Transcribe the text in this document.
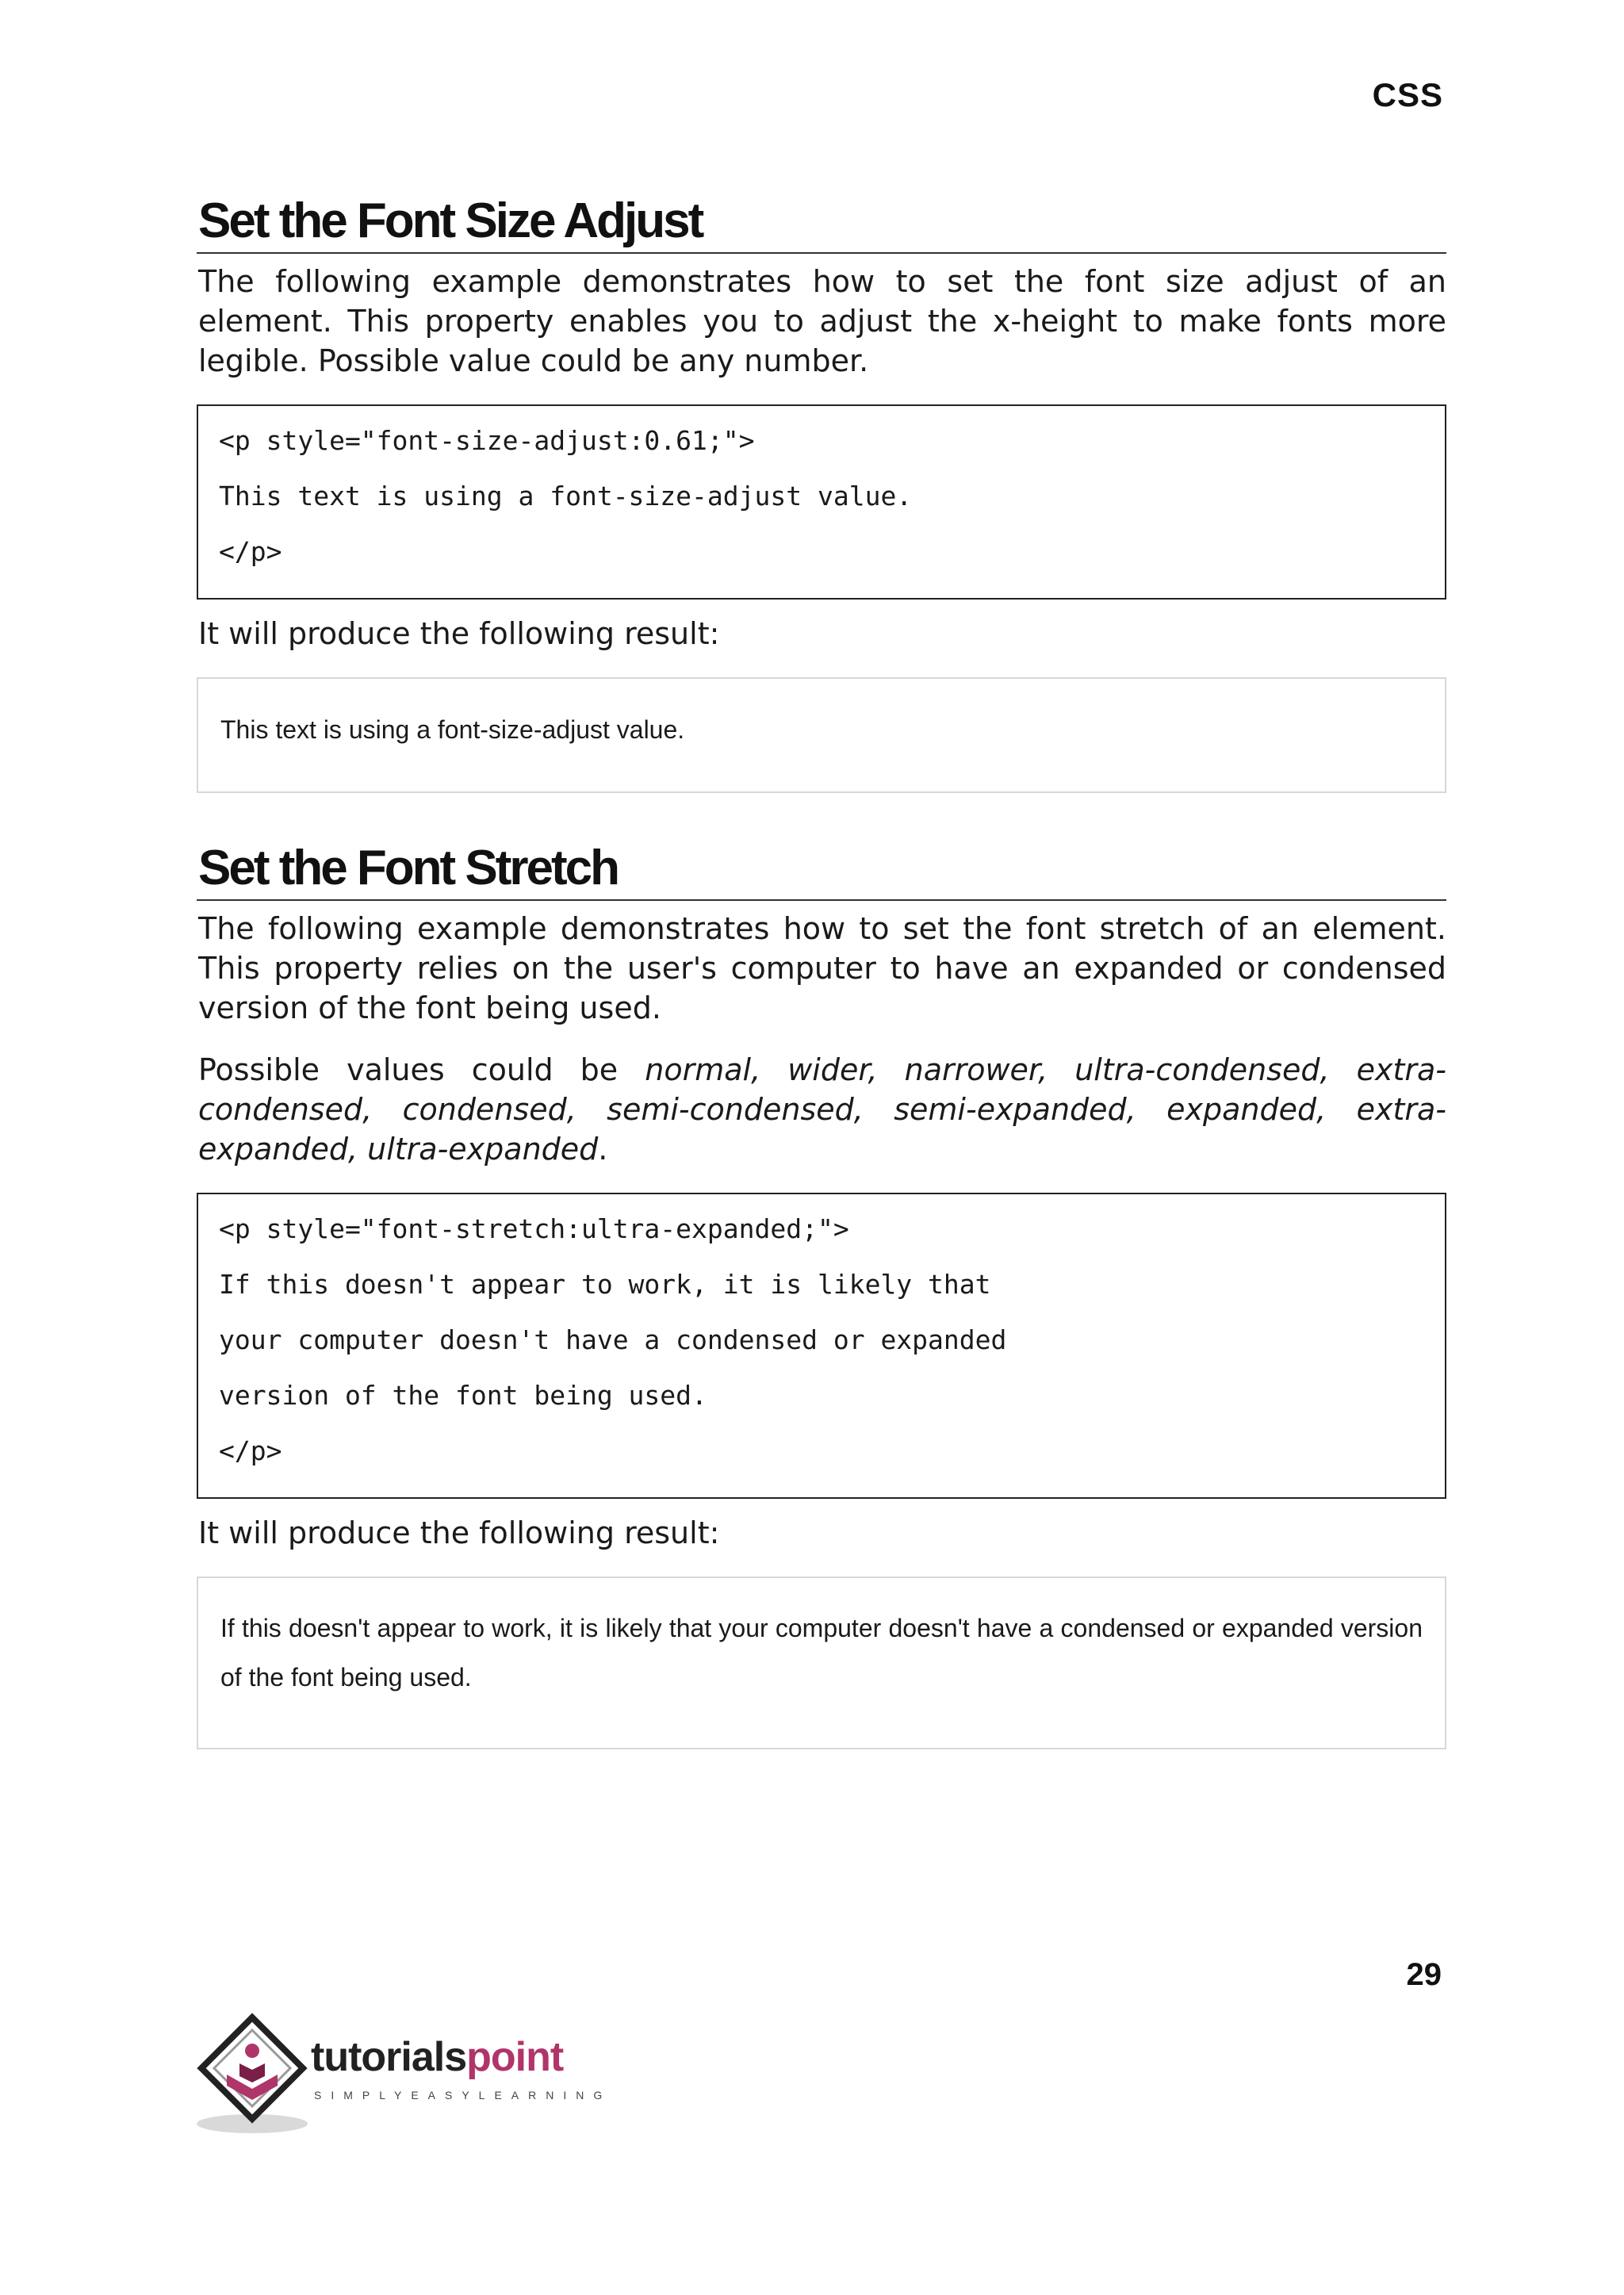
CSS
Set the Font Size Adjust

The following example demonstrates how to set the font size adjust of an element. This property enables you to adjust the x-height to make fonts more legible. Possible value could be any number.

<p style="font-size-adjust:0.61;">
This text is using a font-size-adjust value.
</p>

It will produce the following result:

This text is using a font-size-adjust value.
Set the Font Stretch

The following example demonstrates how to set the font stretch of an element. This property relies on the user's computer to have an expanded or condensed version of the font being used.

Possible values could be normal, wider, narrower, ultra-condensed, extra-condensed, condensed, semi-condensed, semi-expanded, expanded, extra-expanded, ultra-expanded.

<p style="font-stretch:ultra-expanded;">
If this doesn't appear to work, it is likely that
your computer doesn't have a condensed or expanded
version of the font being used.
</p>

It will produce the following result:

If this doesn't appear to work, it is likely that your computer doesn't have a condensed or expanded version of the font being used.
29
tutorialspoint
SIMPLYEASYLEARNING
